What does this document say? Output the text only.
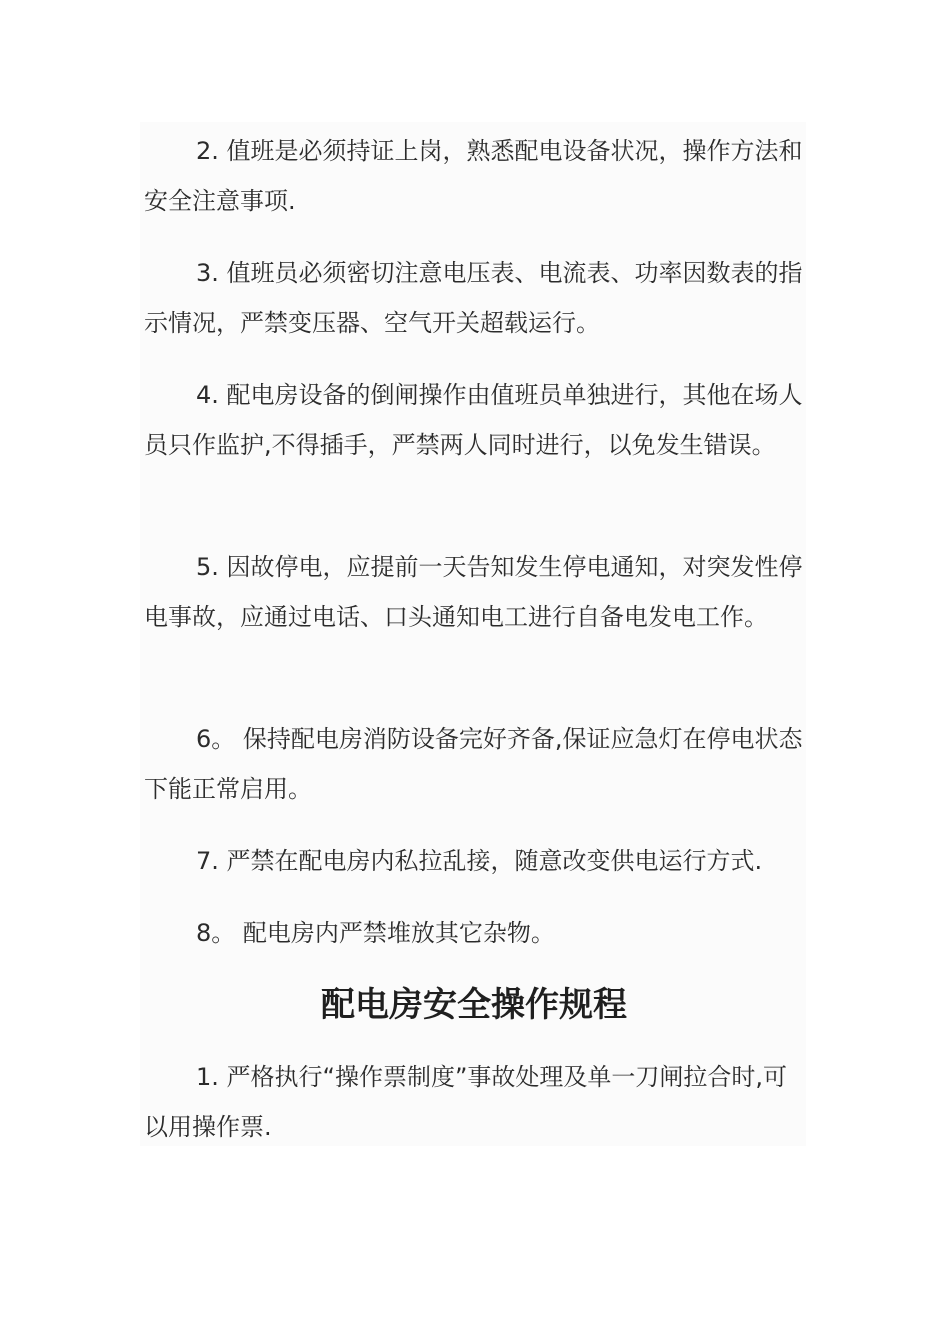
2. 值班是必须持证上岗，熟悉配电设备状况，操作方法和安全注意事项.

3. 值班员必须密切注意电压表、电流表、功率因数表的指示情况，严禁变压器、空气开关超载运行。

4. 配电房设备的倒闸操作由值班员单独进行，其他在场人员只作监护,不得插手，严禁两人同时进行，以免发生错误。

5. 因故停电，应提前一天告知发生停电通知，对突发性停电事故，应通过电话、口头通知电工进行自备电发电工作。

6。 保持配电房消防设备完好齐备,保证应急灯在停电状态下能正常启用。

7. 严禁在配电房内私拉乱接，随意改变供电运行方式.

8。 配电房内严禁堆放其它杂物。

配电房安全操作规程

1. 严格执行“操作票制度”事故处理及单一刀闸拉合时,可以用操作票.
